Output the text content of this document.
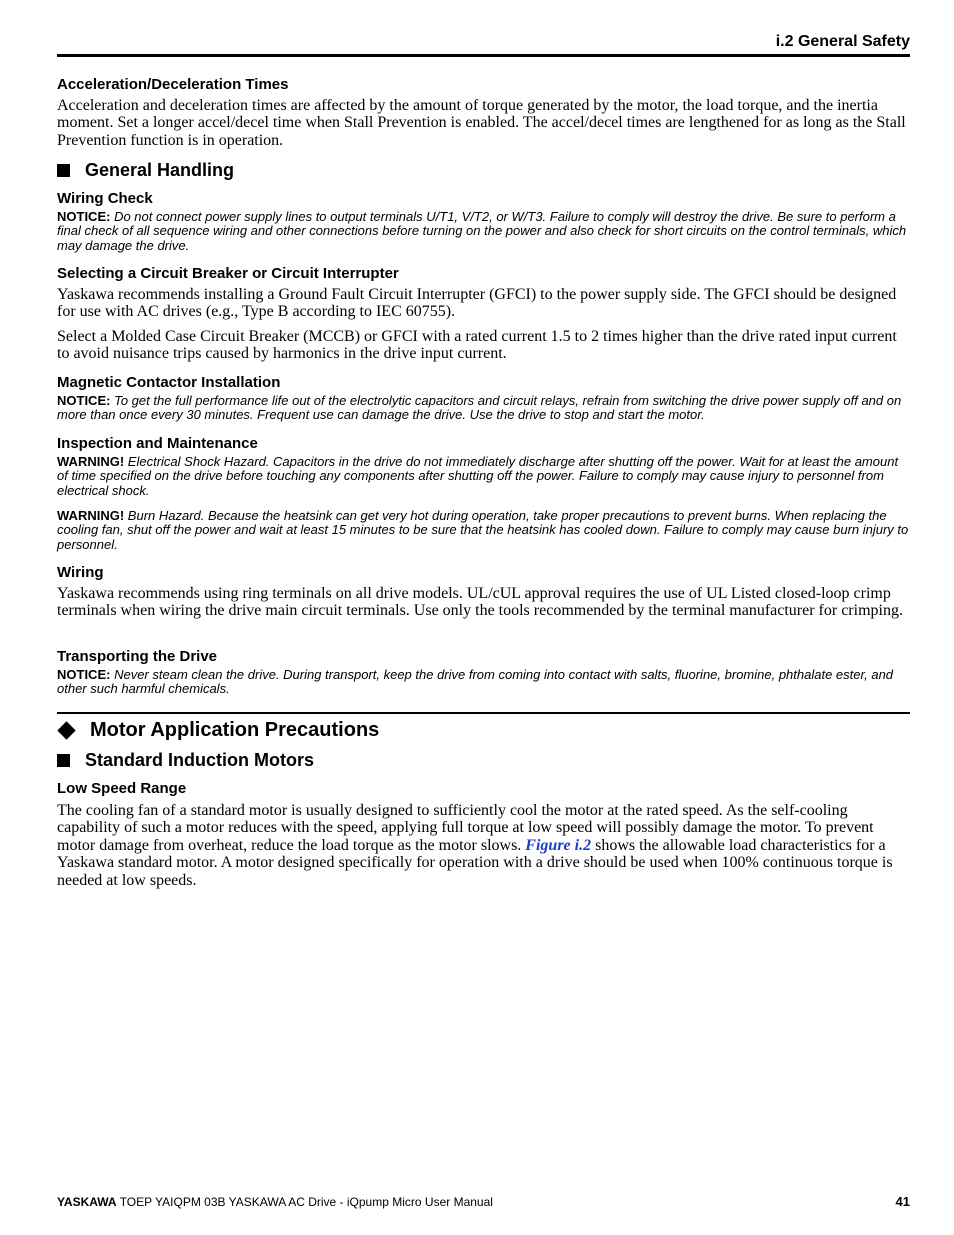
i.2 General Safety
Acceleration/Deceleration Times
Acceleration and deceleration times are affected by the amount of torque generated by the motor, the load torque, and the inertia moment. Set a longer accel/decel time when Stall Prevention is enabled. The accel/decel times are lengthened for as long as the Stall Prevention function is in operation.
General Handling
Wiring Check
NOTICE: Do not connect power supply lines to output terminals U/T1, V/T2, or W/T3. Failure to comply will destroy the drive. Be sure to perform a final check of all sequence wiring and other connections before turning on the power and also check for short circuits on the control terminals, which may damage the drive.
Selecting a Circuit Breaker or Circuit Interrupter
Yaskawa recommends installing a Ground Fault Circuit Interrupter (GFCI) to the power supply side. The GFCI should be designed for use with AC drives (e.g., Type B according to IEC 60755).
Select a Molded Case Circuit Breaker (MCCB) or GFCI with a rated current 1.5 to 2 times higher than the drive rated input current to avoid nuisance trips caused by harmonics in the drive input current.
Magnetic Contactor Installation
NOTICE: To get the full performance life out of the electrolytic capacitors and circuit relays, refrain from switching the drive power supply off and on more than once every 30 minutes. Frequent use can damage the drive. Use the drive to stop and start the motor.
Inspection and Maintenance
WARNING! Electrical Shock Hazard. Capacitors in the drive do not immediately discharge after shutting off the power. Wait for at least the amount of time specified on the drive before touching any components after shutting off the power. Failure to comply may cause injury to personnel from electrical shock.
WARNING! Burn Hazard. Because the heatsink can get very hot during operation, take proper precautions to prevent burns. When replacing the cooling fan, shut off the power and wait at least 15 minutes to be sure that the heatsink has cooled down. Failure to comply may cause burn injury to personnel.
Wiring
Yaskawa recommends using ring terminals on all drive models. UL/cUL approval requires the use of UL Listed closed-loop crimp terminals when wiring the drive main circuit terminals. Use only the tools recommended by the terminal manufacturer for crimping.
Transporting the Drive
NOTICE: Never steam clean the drive. During transport, keep the drive from coming into contact with salts, fluorine, bromine, phthalate ester, and other such harmful chemicals.
Motor Application Precautions
Standard Induction Motors
Low Speed Range
The cooling fan of a standard motor is usually designed to sufficiently cool the motor at the rated speed. As the self-cooling capability of such a motor reduces with the speed, applying full torque at low speed will possibly damage the motor. To prevent motor damage from overheat, reduce the load torque as the motor slows. Figure i.2 shows the allowable load characteristics for a Yaskawa standard motor. A motor designed specifically for operation with a drive should be used when 100% continuous torque is needed at low speeds.
YASKAWA TOEP YAIQPM 03B YASKAWA AC Drive - iQpump Micro User Manual	41
